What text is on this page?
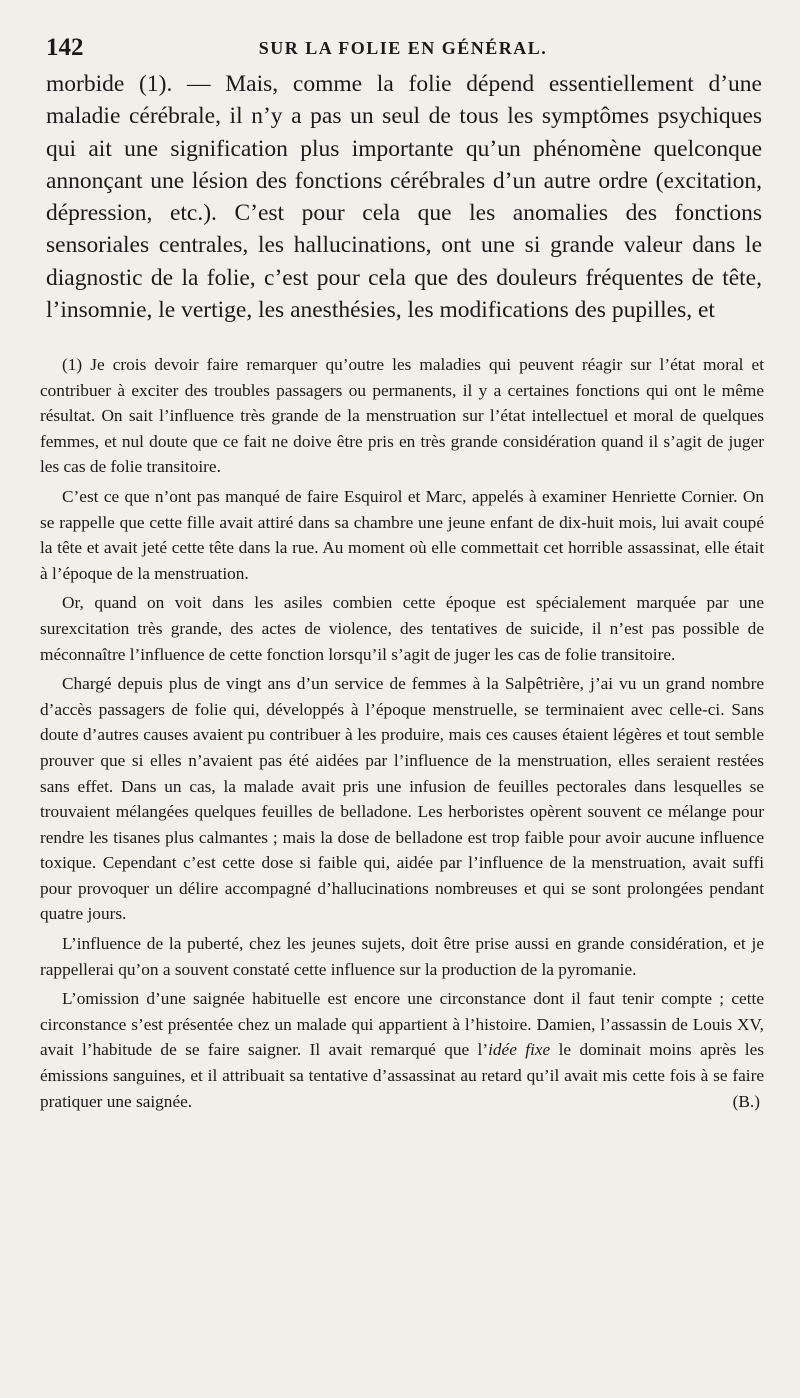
142	SUR LA FOLIE EN GÉNÉRAL.

morbide (1). — Mais, comme la folie dépend essentiellement d’une maladie cérébrale, il n’y a pas un seul de tous les symptômes psychiques qui ait une signification plus importante qu’un phénomène quelconque annonçant une lésion des fonctions cérébrales d’un autre ordre (excitation, dépression, etc.). C’est pour cela que les anomalies des fonctions sensoriales centrales, les hallucinations, ont une si grande valeur dans le diagnostic de la folie, c’est pour cela que des douleurs fréquentes de tête, l’insomnie, le vertige, les anesthésies, les modifications des pupilles, et

(1) Je crois devoir faire remarquer qu’outre les maladies qui peuvent réagir sur l’état moral et contribuer à exciter des troubles passagers ou permanents, il y a certaines fonctions qui ont le même résultat. On sait l’influence très grande de la menstruation sur l’état intellectuel et moral de quelques femmes, et nul doute que ce fait ne doive être pris en très grande considération quand il s’agit de juger les cas de folie transitoire.

C’est ce que n’ont pas manqué de faire Esquirol et Marc, appelés à examiner Henriette Cornier. On se rappelle que cette fille avait attiré dans sa chambre une jeune enfant de dix-huit mois, lui avait coupé la tête et avait jeté cette tête dans la rue. Au moment où elle commettait cet horrible assassinat, elle était à l’époque de la menstruation.

Or, quand on voit dans les asiles combien cette époque est spécialement marquée par une surexcitation très grande, des actes de violence, des tentatives de suicide, il n’est pas possible de méconnaître l’influence de cette fonction lorsqu’il s’agit de juger les cas de folie transitoire.

Chargé depuis plus de vingt ans d’un service de femmes à la Salpêtrière, j’ai vu un grand nombre d’accès passagers de folie qui, développés à l’époque menstruelle, se terminaient avec celle-ci. Sans doute d’autres causes avaient pu contribuer à les produire, mais ces causes étaient légères et tout semble prouver que si elles n’avaient pas été aidées par l’influence de la menstruation, elles seraient restées sans effet. Dans un cas, la malade avait pris une infusion de feuilles pectorales dans lesquelles se trouvaient mélangées quelques feuilles de belladone. Les herboristes opèrent souvent ce mélange pour rendre les tisanes plus calmantes ; mais la dose de belladone est trop faible pour avoir aucune influence toxique. Cependant c’est cette dose si faible qui, aidée par l’influence de la menstruation, avait suffi pour provoquer un délire accompagné d’hallucinations nombreuses et qui se sont prolongées pendant quatre jours.

L’influence de la puberté, chez les jeunes sujets, doit être prise aussi en grande considération, et je rappellerai qu’on a souvent constaté cette influence sur la production de la pyromanie.

L’omission d’une saignée habituelle est encore une circonstance dont il faut tenir compte ; cette circonstance s’est présentée chez un malade qui appartient à l’histoire. Damien, l’assassin de Louis XV, avait l’habitude de se faire saigner. Il avait remarqué que l’idée fixe le dominait moins après les émissions sanguines, et il attribuait sa tentative d’assassinat au retard qu’il avait mis cette fois à se faire pratiquer une saignée.	(B.)
